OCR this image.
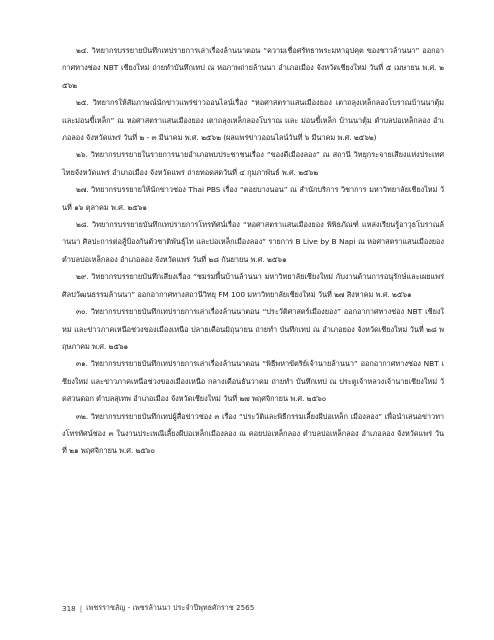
๒๔. วิทยากรบรรยายบันทึกเทปรายการเล่าเรื่องล้านนาตอน “ความเชื่อศรัทธาพระมหาอุปคุต ของชาวล้านนา” ออกอากาศทางช่อง NBT เชียงใหม่ ถ่ายทำบันทึกเทป ณ หอภาพถ่ายล้านนา อำเภอเมือง จังหวัดเชียงใหม่ วันที่ ๕ เมษายน พ.ศ. ๒๕๖๒

๒๕. วิทยากรให้สัมภาษณ์นักข่าวแพร่ข่าวออนไลน์เรื่อง “หอศาสตราแสนเมืองยอง เตาถลุงเหล็กลองโบราณบ้านนาตุ้ม และม่อนขี้เหล็ก” ณ หอศาสตราแสนเมืองยอง เตาถลุงเหล็กลองโบราณ และ ม่อนขี้เหล็ก บ้านนาตุ้ม ตำบลบ่อเหล็กลอง อำเภอลอง จังหวัดแพร่ วันที่ ๒ - ๓ มีนาคม พ.ศ. ๒๕๖๒ (ผลแพร่ข่าวออนไลน์วันที่ ๖ มีนาคม พ.ศ. ๒๕๖๒)

๒๖. วิทยากรบรรยายในรายการนายอำเภอพบประชาชนเรื่อง “ของดีเมืองลอง” ณ สถานี วิทยุกระจายเสียงแห่งประเทศไทยจังหวัดแพร่ อำเภอเมือง จังหวัดแพร่ ถ่ายทอดสดวันที่ ๔ กุมภาพันธ์ พ.ศ. ๒๕๖๒

๒๗. วิทยากรบรรยายให้นักข่าวช่อง Thai PBS เรื่อง “ตอยบางนอน” ณ สำนักบริการ วิชาการ มหาวิทยาลัยเชียงใหม่ วันที่ ๑๖ ตุลาคม พ.ศ. ๒๕๖๑

๒๘. วิทยากรบรรยายบันทึกเทปรายการโทรทัศน์เรื่อง “หอศาสตราแสนเมืองยอง พิพิธภัณฑ์ แหล่งเรียนรู้อาวุธโบราณล้านนา ศิลปะการต่อสู้ป้องกันตัวชาติพันธุ์ไท และบ่อเหล็กเมืองลอง” รายการ B Live by B Napi ณ หอศาสตราแสนเมืองยอง ตำบลบ่อเหล็กลอง อำเภอลอง จังหวัดแพร่ วันที่ ๒๘ กันยายน พ.ศ. ๒๕๖๑

๒๙. วิทยากรบรรยายบันทึกเสียงเรื่อง “ชมรมพื้นบ้านล้านนา มหาวิทยาลัยเชียงใหม่ กับงานด้านการอนุรักษ์และเผยแพร่ศิลปวัฒนธรรมล้านนา” ออกอากาศทางสถานีวิทยุ FM 100 มหาวิทยาลัยเชียงใหม่ วันที่ ๒๗ สิงหาคม พ.ศ. ๒๕๖๑

๓๐. วิทยากรบรรยายบันทึกเทปรายการเล่าเรื่องล้านนาตอน “ประวัติศาสตร์เมืองยอง” ออกอากาศทางช่อง NBT เชียงใหม่ และข่าวภาคเหนือช่วงของเมืองเหนือ ปลายเดือนมิถุนายน ถ่ายทำ บันทึกเทป ณ อำเภอยอง จังหวัดเชียงใหม่ วันที่ ๒๘ พฤษภาคม พ.ศ. ๒๕๖๑

๓๑. วิทยากรบรรยายบันทึกเทปรายการเล่าเรื่องล้านนาตอน “พิธีพหาขัตริย์เจ้านายล้านนา” ออกอากาศทางช่อง NBT เชียงใหม่ และข่าวภาคเหนือช่วงของเมืองเหนือ กลางเดือนธันวาคม ถ่ายทำ บันทึกเทป ณ ประตูเจ้าหลวงเจ้านายเชียงใหม่ วัดสวนดอก ตำบลสุเทพ อำเภอเมือง จังหวัดเชียงใหม่ วันที่ ๒๗ พฤศจิกายน พ.ศ. ๒๕๖๐

๓๒. วิทยากรบรรยายบันทึกเทปผู้สื่อข่าวช่อง ๓ เรื่อง “ประวัติและพิธีกรรมเลี้ยงผีบ่อเหล็ก เมืองลอง” เพื่อนำเสนอข่าวทางโทรทัศน์ช่อง ๓ ในงานประเพณีเลี้ยงผีบ่อเหล็กเมืองลอง ณ คอยบ่อเหล็กลอง ตำบลบ่อเหล็กลอง อำเภอลอง จังหวัดแพร่ วันที่ ๒๑ พฤศจิกายน พ.ศ. ๒๕๖๐

318 | เพชรราชลัญ - เพชรล้านนา ประจำปีพุทธศักราช 2565
